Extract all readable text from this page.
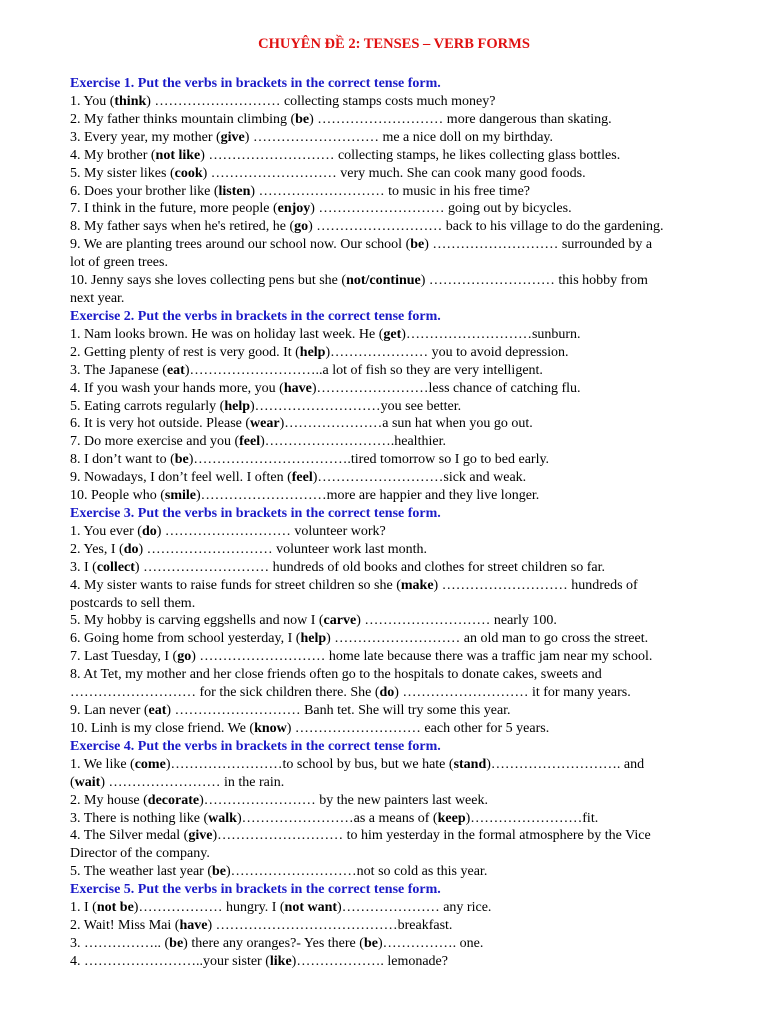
CHUYÊN ĐỀ 2: TENSES – VERB FORMS
Exercise 1. Put the verbs in brackets in the correct tense form.
1. You (think) ……………………… collecting stamps costs much money?
2. My father thinks mountain climbing (be) ……………………… more dangerous than skating.
3. Every year, my mother (give) ……………………… me a nice doll on my birthday.
4. My brother (not like) ……………………… collecting stamps, he likes collecting glass bottles.
5. My sister likes (cook) ……………………… very much. She can cook many good foods.
6. Does your brother like (listen) ……………………… to music in his free time?
7. I think in the future, more people (enjoy) ……………………… going out by bicycles.
8. My father says when he's retired, he (go) ……………………… back to his village to do the gardening.
9. We are planting trees around our school now. Our school (be) ……………………… surrounded by a
lot of green trees.
10. Jenny says she loves collecting pens but she (not/continue) ……………………… this hobby from
next year.
Exercise 2. Put the verbs in brackets in the correct tense form.
1. Nam looks brown. He was on holiday last week. He (get)………………………sunburn.
2. Getting plenty of rest is very good. It (help)………………… you to avoid depression.
3. The Japanese (eat)………………………..a lot of fish so they are very intelligent.
4. If you wash your hands more, you (have)……………………less chance of catching flu.
5. Eating carrots regularly (help)………………………you see better.
6. It is very hot outside. Please (wear)…………………a sun hat when you go out.
7. Do more exercise and you (feel)……………………….healthier.
8. I don’t want to (be)…………………………….tired tomorrow so I go to bed early.
9. Nowadays, I don’t feel well. I often (feel)………………………sick and weak.
10. People who (smile)………………………more are happier and they live longer.
Exercise 3. Put the verbs in brackets in the correct tense form.
1. You ever (do) ……………………… volunteer work?
2. Yes, I (do) ……………………… volunteer work last month.
3. I (collect) ……………………… hundreds of old books and clothes for street children so far.
4. My sister wants to raise funds for street children so she (make) ……………………… hundreds of
postcards to sell them.
5. My hobby is carving eggshells and now I (carve) ……………………… nearly 100.
6. Going home from school yesterday, I (help) ……………………… an old man to go cross the street.
7. Last Tuesday, I (go) ……………………… home late because there was a traffic jam near my school.
8. At Tet, my mother and her close friends often go to the hospitals to donate cakes, sweets and
……………………… for the sick children there. She (do) ……………………… it for many years.
9. Lan never (eat) ……………………… Banh tet. She will try some this year.
10. Linh is my close friend. We (know) ……………………… each other for 5 years.
Exercise 4. Put the verbs in brackets in the correct tense form.
1. We like (come)……………………to school by bus, but we hate (stand)………………………. and
(wait) …………………… in the rain.
2. My house (decorate)…………………… by the new painters last week.
3. There is nothing like (walk)……………………as a means of (keep)……………………fit.
4. The Silver medal (give)……………………… to him yesterday in the formal atmosphere by the Vice
Director of the company.
5. The weather last year (be)………………………not so cold as this year.
Exercise 5. Put the verbs in brackets in the correct tense form.
1. I (not be)……………… hungry. I (not want)………………… any rice.
2. Wait! Miss Mai (have) …………………………………breakfast.
3. …………….. (be) there any oranges?- Yes there (be)……………. one.
4. ……………………..your sister (like)………………. lemonade?
